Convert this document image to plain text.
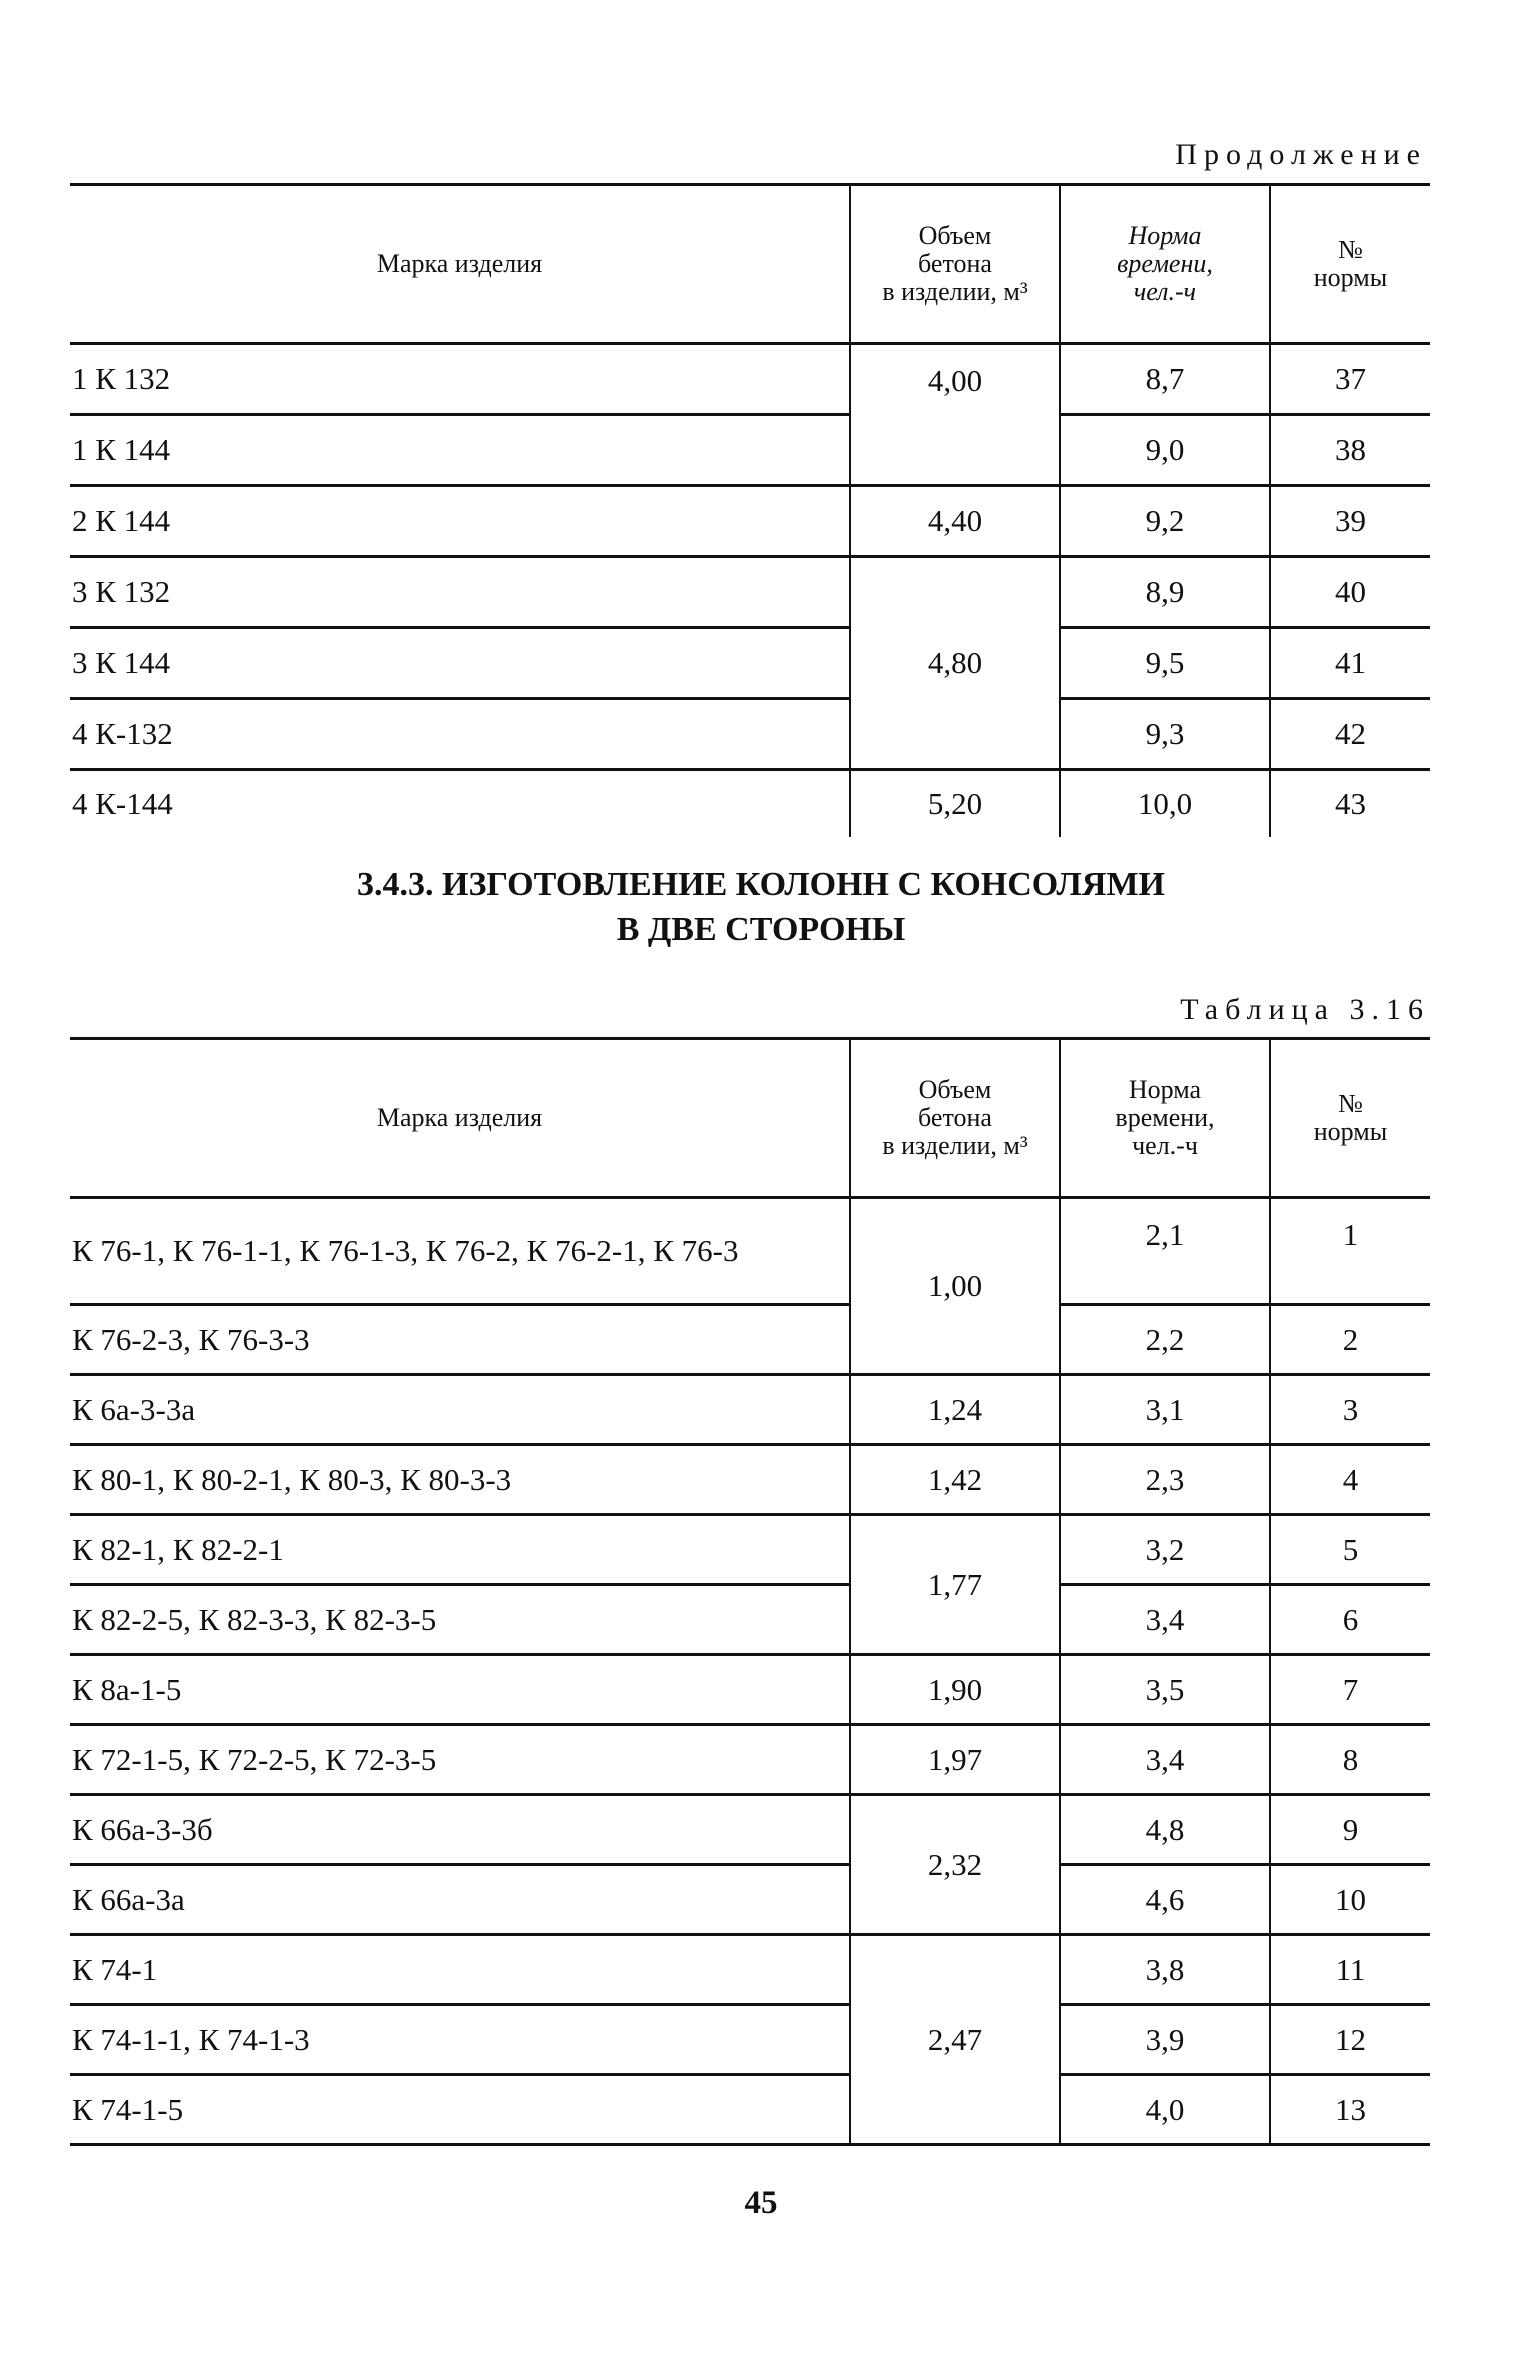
Продолжение
Марка изделия	Объем
бетона
в изделии, м³	Норма
времени,
чел.-ч	№
нормы
1 К 132	4,00	8,7	37
1 К 144		9,0	38
2 К 144	4,40	9,2	39
3 К 132	4,80	8,9	40
3 К 144		9,5	41
4 К-132		9,3	42
4 К-144	5,20	10,0	43
3.4.3. ИЗГОТОВЛЕНИЕ КОЛОНН С КОНСОЛЯМИ
В ДВЕ СТОРОНЫ
Таблица 3.16
Марка изделия	Объем
бетона
в изделии, м³	Норма
времени,
чел.-ч	№
нормы
К 76-1, К 76-1-1, К 76-1-3, К 76-2, К 76-2-1, К 76-3	1,00	2,1	1
К 76-2-3, К 76-3-3		2,2	2
К 6а-3-3а	1,24	3,1	3
К 80-1, К 80-2-1, К 80-3, К 80-3-3	1,42	2,3	4
К 82-1, К 82-2-1	1,77	3,2	5
К 82-2-5, К 82-3-3, К 82-3-5		3,4	6
К 8а-1-5	1,90	3,5	7
К 72-1-5, К 72-2-5, К 72-3-5	1,97	3,4	8
К 66а-3-3б	2,32	4,8	9
К 66а-3а		4,6	10
К 74-1	2,47	3,8	11
К 74-1-1, К 74-1-3		3,9	12
К 74-1-5		4,0	13
45
